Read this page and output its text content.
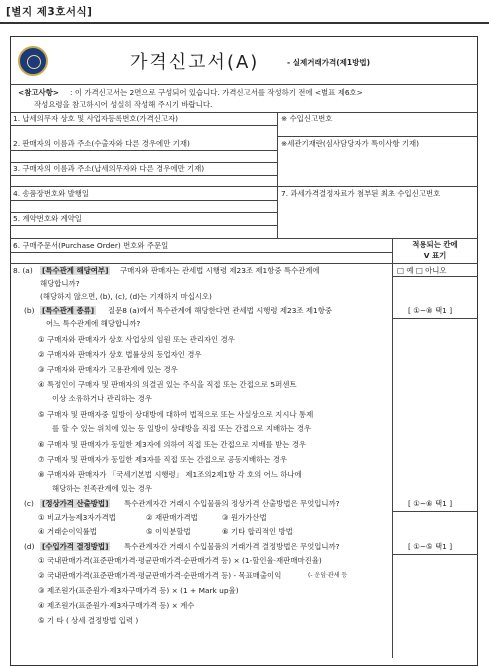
[별지 제3호서식]
가격신고서(A)	- 실제거래가격(제1방법)
<참고사항> : 이 가격신고서는 2면으로 구성되어 있습니다. 가격신고서를 작성하기 전에 <별표 제6호>
작성요령을 참고하시어 성실히 작성해 주시기 바랍니다.
1. 납세의무자 상호 및 사업자등록번호(가격신고자)	※ 수입신고번호
2. 판매자의 이름과 주소(수출자와 다른 경우에만 기재)	※세관기재란(심사담당자가 특이사항 기재)
3. 구매자의 이름과 주소(납세의무자와 다른 경우에만 기재)
4. 송품장번호와 발행일	7. 과세가격결정자료가 첨부된 최초 수입신고번호
5. 계약번호와 계약일
6. 구매주문서(Purchase Order) 번호와 주문일	적용되는 칸에
V 표기
8. (a) [특수관계 해당여부] 구매자와 판매자는 관세법 시행령 제23조 제1항중 특수관계에
해당합니까?
□ 예 □ 아니오
(해당하지 않으면, (b), (c), (d)는 기재하지 마십시오)
(b) [특수관계 종류] 질문8 (a)에서 특수관계에 해당한다면 관세법 시행령 제23조 제1항중
어느 특수관계에 해당합니까?
[ ①~⑧ 택1 ]
① 구매자와 판매자가 상호 사업상의 임원 또는 관리자인 경우
② 구매자와 판매자가 상호 법률상의 동업자인 경우
③ 구매자와 판매자가 고용관계에 있는 경우
④ 특정인이 구매자 및 판매자의 의결권 있는 주식을 직접 또는 간접으로 5퍼센트
이상 소유하거나 관리하는 경우
⑤ 구매자 및 판매자중 일방이 상대방에 대하여 법적으로 또는 사실상으로 지시나 통제
를 할 수 있는 위치에 있는 등 일방이 상대방을 직접 또는 간접으로 지배하는 경우
⑥ 구매자 및 판매자가 동일한 제3자에 의하여 직접 또는 간접으로 지배를 받는 경우
⑦ 구매자 및 판매자가 동일한 제3자를 직접 또는 간접으로 공동지배하는 경우
⑧ 구매자와 판매자가 「국세기본법 시행령」 제1조의2제1항 각 호의 어느 하나에
해당하는 친족관계에 있는 경우
(c) [정상가격 산출방법] 특수관계자간 거래시 수입물품의 정상가격 산출방법은 무엇입니까?	[ ①~⑥ 택1 ]
① 비교가능제3자가격법	② 재판매가격법	③ 원가가산법
④ 거래순이익률법	⑤ 이익분할법	⑥ 기타 합리적인 방법
(d) [수입가격 결정방법] 특수관계자간 거래시 수입물품의 거래가격 결정방법은 무엇입니까?	[ ①~⑤ 택1 ]
① 국내판매가격(표준판매가격·평균판매가격·순판매가격 등) × (1-할인율·재판매마진율)
② 국내판매가격(표준판매가격·평균판매가격·순판매가격 등) - 목표매출이익	(- 운임·관세 등
③ 제조원가(표준원가·제3자구매가격 등) × (1 + Mark up율)
④ 제조원가(표준원가·제3자구매가격 등) × 계수
⑤ 기 타 ( 상세 결정방법 입력 )
